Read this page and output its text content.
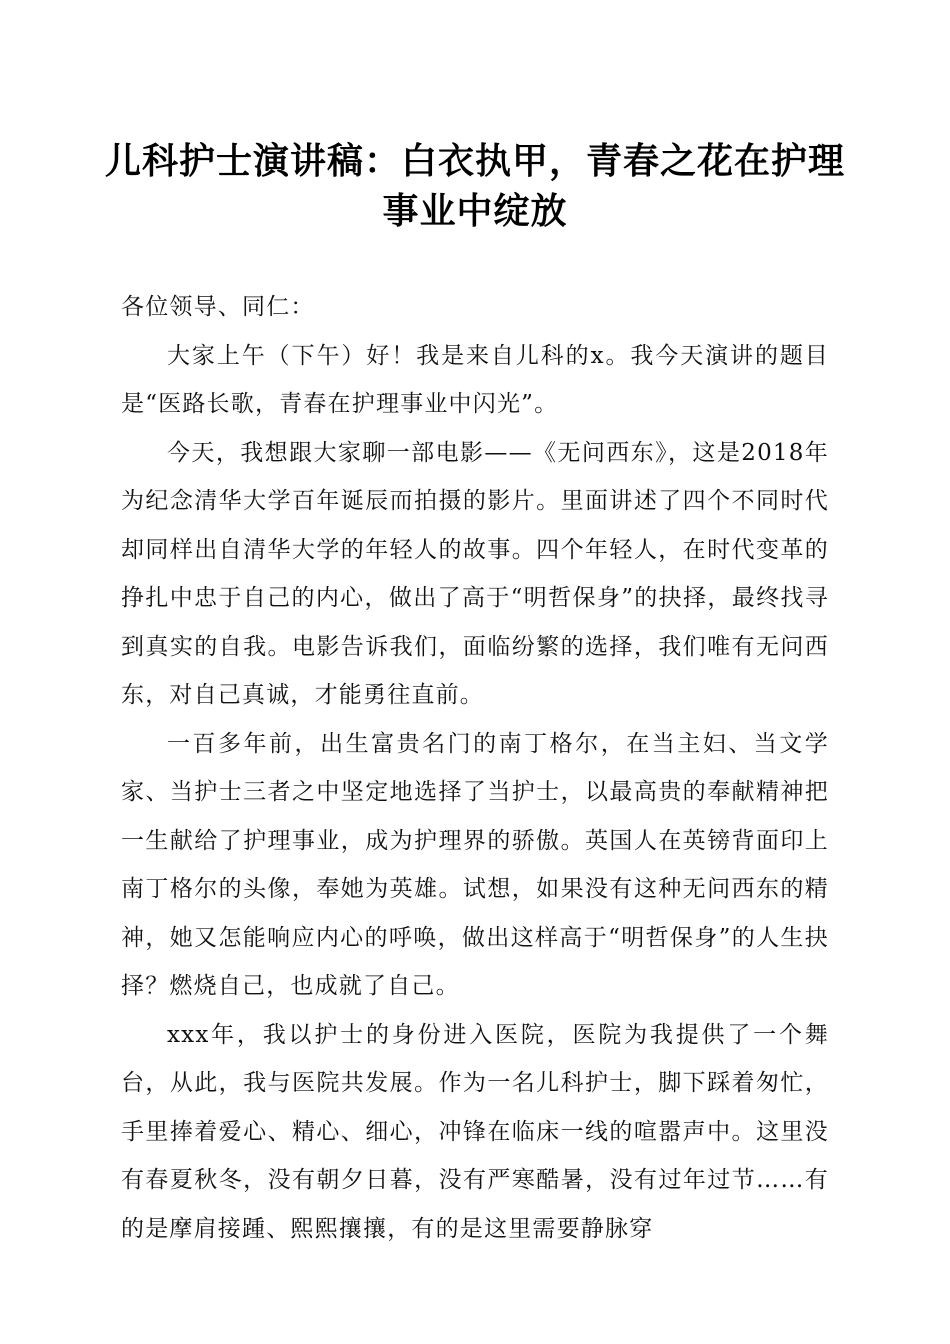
儿科护士演讲稿：白衣执甲，青春之花在护理
事业中绽放

各位领导、同仁：

大家上午（下午）好！我是来自儿科的x。我今天演讲的题目是“医路长歌，青春在护理事业中闪光”。

今天，我想跟大家聊一部电影——《无问西东》，这是2018年为纪念清华大学百年诞辰而拍摄的影片。里面讲述了四个不同时代却同样出自清华大学的年轻人的故事。四个年轻人，在时代变革的挣扎中忠于自己的内心，做出了高于“明哲保身”的抉择，最终找寻到真实的自我。电影告诉我们，面临纷繁的选择，我们唯有无问西东，对自己真诚，才能勇往直前。

一百多年前，出生富贵名门的南丁格尔，在当主妇、当文学家、当护士三者之中坚定地选择了当护士，以最高贵的奉献精神把一生献给了护理事业，成为护理界的骄傲。英国人在英镑背面印上南丁格尔的头像，奉她为英雄。试想，如果没有这种无问西东的精神，她又怎能响应内心的呼唤，做出这样高于“明哲保身”的人生抉择？燃烧自己，也成就了自己。

xxx年，我以护士的身份进入医院，医院为我提供了一个舞台，从此，我与医院共发展。作为一名儿科护士，脚下踩着匆忙，手里捧着爱心、精心、细心，冲锋在临床一线的喧嚣声中。这里没有春夏秋冬，没有朝夕日暮，没有严寒酷暑，没有过年过节……有的是摩肩接踵、熙熙攘攘，有的是这里需要静脉穿
